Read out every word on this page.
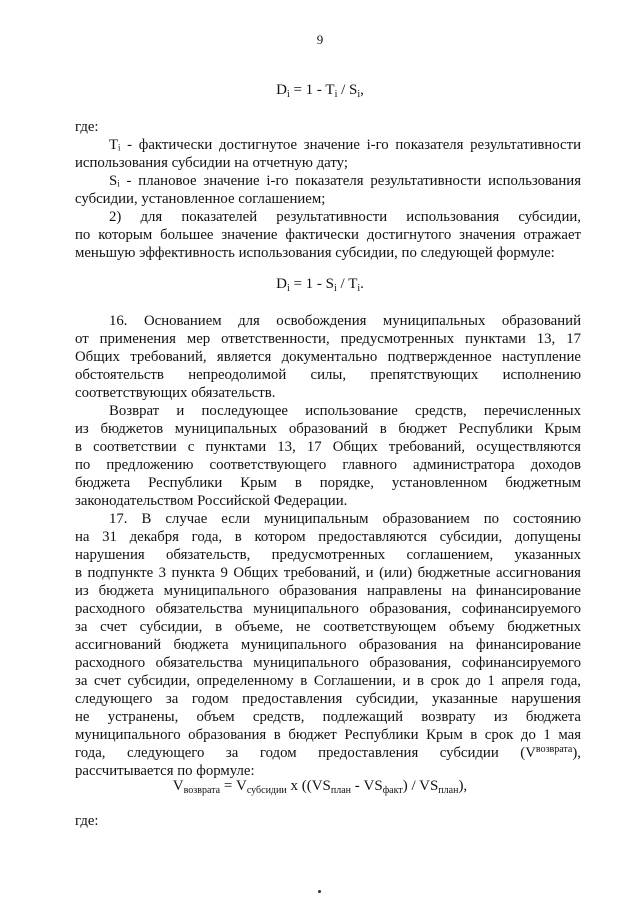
9
$D_i = 1 - T_i / S_i$,
где:
Tᵢ - фактически достигнутое значение i-го показателя результативности
использования субсидии на отчетную дату;
Sᵢ - плановое значение i-го показателя результативности использования
субсидии, установленное соглашением;
2) для показателей результативности использования субсидии,
по которым большее значение фактически достигнутого значения отражает
меньшую эффективность использования субсидии, по следующей формуле:
$D_i = 1 - S_i / T_i$.
16. Основанием для освобождения муниципальных образований
от применения мер ответственности, предусмотренных пунктами 13, 17
Общих требований, является документально подтвержденное наступление
обстоятельств непреодолимой силы, препятствующих исполнению
соответствующих обязательств.
Возврат и последующее использование средств, перечисленных
из бюджетов муниципальных образований в бюджет Республики Крым
в соответствии с пунктами 13, 17 Общих требований, осуществляются
по предложению соответствующего главного администратора доходов
бюджета Республики Крым в порядке, установленном бюджетным
законодательством Российской Федерации.
17. В случае если муниципальным образованием по состоянию
на 31 декабря года, в котором предоставляются субсидии, допущены
нарушения обязательств, предусмотренных соглашением, указанных
в подпункте 3 пункта 9 Общих требований, и (или) бюджетные ассигнования
из бюджета муниципального образования направлены на финансирование
расходного обязательства муниципального образования, софинансируемого
за счет субсидии, в объеме, не соответствующем объему бюджетных
ассигнований бюджета муниципального образования на финансирование
расходного обязательства муниципального образования, софинансируемого
за счет субсидии, определенному в Соглашении, и в срок до 1 апреля года,
следующего за годом предоставления субсидии, указанные нарушения
не устранены, объем средств, подлежащий возврату из бюджета
муниципального образования в бюджет Республики Крым в срок до 1 мая
года, следующего за годом предоставления субсидии ($V_{возврата}$ ),
рассчитывается по формуле:
$V_{возврата} = V_{субсидии}$ x $((VS_{план} - VS_{факт}) / VS_{план})$,
где:
